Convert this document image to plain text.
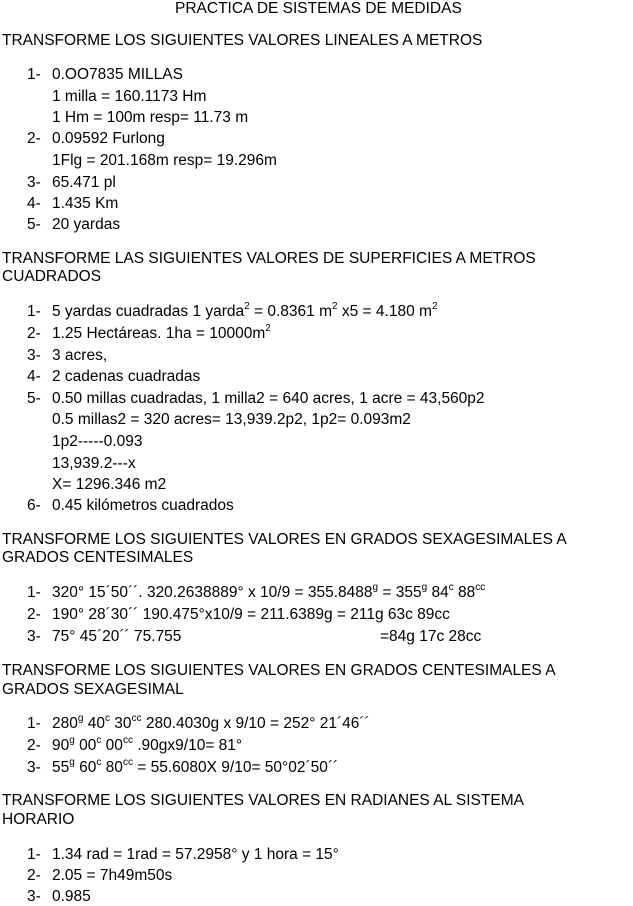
PRACTICA DE SISTEMAS DE MEDIDAS
TRANSFORME LOS SIGUIENTES VALORES LINEALES A METROS
1- 0.OO7835 MILLAS
1 milla = 160.1173 Hm
1 Hm = 100m resp= 11.73 m
2- 0.09592 Furlong
1Flg = 201.168m resp= 19.296m
3- 65.471 pl
4- 1.435 Km
5- 20 yardas
TRANSFORME LAS SIGUIENTES VALORES DE SUPERFICIES A METROS
CUADRADOS
1- 5 yardas cuadradas 1 yarda$^2$ = 0.8361 $m^2$ x5 = 4.180 $m^2$
2- 1.25 Hectáreas. $1ha = 10000m^2$
3- 3 acres,
4- 2 cadenas cuadradas
5- 0.50 millas cuadradas, 1 milla2 = 640 acres, 1 acre = 43,560p2
0.5 millas2 = 320 acres= 13,939.2p2, 1p2= 0.093m2
1p2-----0.093
13,939.2---x
X= 1296.346 m2
6- 0.45 kilómetros cuadrados
TRANSFORME LOS SIGUIENTES VALORES EN GRADOS SEXAGESIMALES A
GRADOS CENTESIMALES
1- 320° 15´50´´. 320.2638889° x $10/9 = 355.8488^g = 355^g$ 84$^c$ $88^{cc}$
2- 190° 28´30´´ 190.475°x10/9 = 211.6389g = 211g 63c 89cc
3- 75° 45´20´´ 75.755	=84g 17c 28cc
TRANSFORME LOS SIGUIENTES VALORES EN GRADOS CENTESIMALES A
GRADOS SEXAGESIMAL
1- 280$^g$ 40$^c$ $30^{cc}$ 280.4030g x 9/10 = 252° 21´46´´
2- 90$^g$ 00$^c$ $00^{cc}$ .90gx9/10= 81°
3- 55$^g$ 60$^c$ $80^{cc} = 55.6080X$ 9/10= 50°02´50´´
TRANSFORME LOS SIGUIENTES VALORES EN RADIANES AL SISTEMA
HORARIO
1- 1.34 rad = 1rad = 57.2958° y 1 hora = 15°
2- 2.05 = 7h49m50s
3- 0.985
